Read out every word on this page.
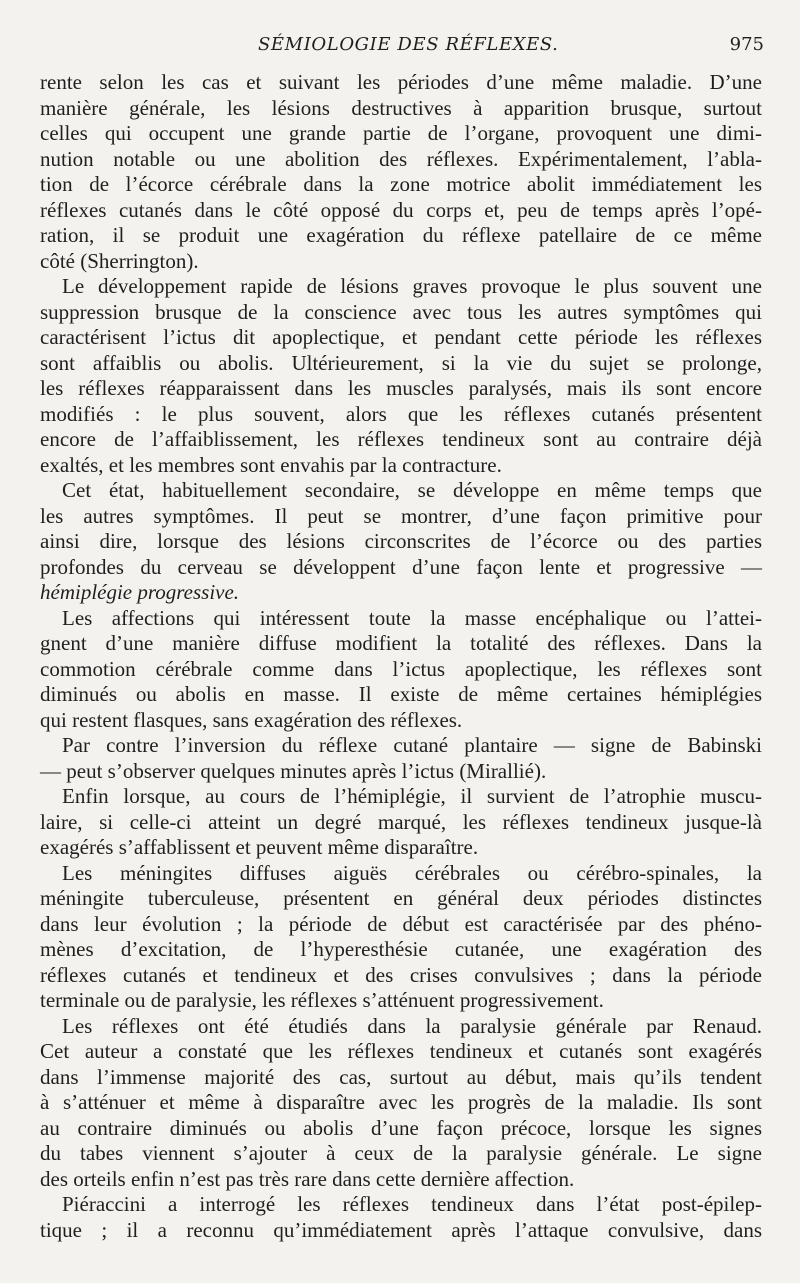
SÉMIOLOGIE DES RÉFLEXES.	975
rente selon les cas et suivant les périodes d’une même maladie. D’une
manière générale, les lésions destructives à apparition brusque, surtout
celles qui occupent une grande partie de l’organe, provoquent une dimi-
nution notable ou une abolition des réflexes. Expérimentalement, l’abla-
tion de l’écorce cérébrale dans la zone motrice abolit immédiatement les
réflexes cutanés dans le côté opposé du corps et, peu de temps après l’opé-
ration, il se produit une exagération du réflexe patellaire de ce même
côté (Sherrington).
Le développement rapide de lésions graves provoque le plus souvent une
suppression brusque de la conscience avec tous les autres symptômes qui
caractérisent l’ictus dit apoplectique, et pendant cette période les réflexes
sont affaiblis ou abolis. Ultérieurement, si la vie du sujet se prolonge,
les réflexes réapparaissent dans les muscles paralysés, mais ils sont encore
modifiés : le plus souvent, alors que les réflexes cutanés présentent
encore de l’affaiblissement, les réflexes tendineux sont au contraire déjà
exaltés, et les membres sont envahis par la contracture.
Cet état, habituellement secondaire, se développe en même temps que
les autres symptômes. Il peut se montrer, d’une façon primitive pour
ainsi dire, lorsque des lésions circonscrites de l’écorce ou des parties
profondes du cerveau se développent d’une façon lente et progressive —
hémiplégie progressive.
Les affections qui intéressent toute la masse encéphalique ou l’attei-
gnent d’une manière diffuse modifient la totalité des réflexes. Dans la
commotion cérébrale comme dans l’ictus apoplectique, les réflexes sont
diminués ou abolis en masse. Il existe de même certaines hémiplégies
qui restent flasques, sans exagération des réflexes.
Par contre l’inversion du réflexe cutané plantaire — signe de Babinski
— peut s’observer quelques minutes après l’ictus (Mirallié).
Enfin lorsque, au cours de l’hémiplégie, il survient de l’atrophie muscu-
laire, si celle-ci atteint un degré marqué, les réflexes tendineux jusque-là
exagérés s’affablissent et peuvent même disparaître.
Les méningites diffuses aiguës cérébrales ou cérébro-spinales, la
méningite tuberculeuse, présentent en général deux périodes distinctes
dans leur évolution ; la période de début est caractérisée par des phéno-
mènes d’excitation, de l’hyperesthésie cutanée, une exagération des
réflexes cutanés et tendineux et des crises convulsives ; dans la période
terminale ou de paralysie, les réflexes s’atténuent progressivement.
Les réflexes ont été étudiés dans la paralysie générale par Renaud.
Cet auteur a constaté que les réflexes tendineux et cutanés sont exagérés
dans l’immense majorité des cas, surtout au début, mais qu’ils tendent
à s’atténuer et même à disparaître avec les progrès de la maladie. Ils sont
au contraire diminués ou abolis d’une façon précoce, lorsque les signes
du tabes viennent s’ajouter à ceux de la paralysie générale. Le signe
des orteils enfin n’est pas très rare dans cette dernière affection.
Piéraccini a interrogé les réflexes tendineux dans l’état post-épilep-
tique ; il a reconnu qu’immédiatement après l’attaque convulsive, dans
